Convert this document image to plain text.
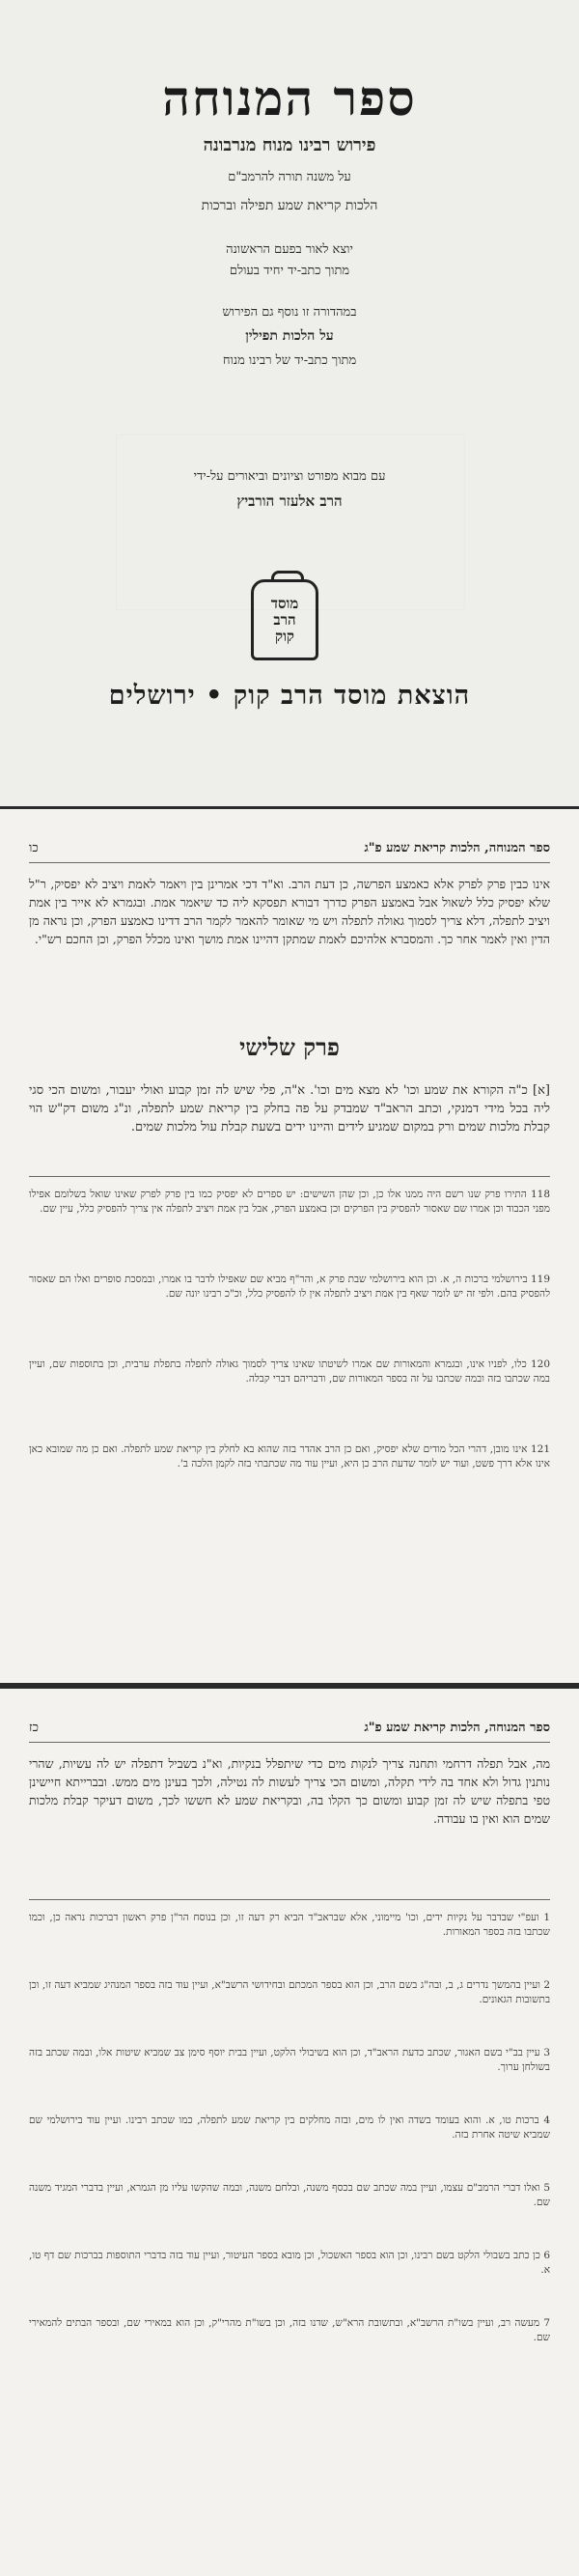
ספר המנוחה
פירוש רבינו מנוח מנרבונה
על משנה תורה להרמב"ם
הלכות קריאת שמע תפילה וברכות
יוצא לאור בפעם הראשונה
מתוך כתב-יד יחיד בעולם
במהדורה זו נוסף גם הפירוש
על הלכות תפילין
מתוך כתב-יד של רבינו מנוח
עם מבוא מפורט וציונים וביאורים על-ידי
הרב אלעזר הורביץ
מוסד
הרב
קוק
הוצאת מוסד הרב קוק • ירושלים
ספר המנוחה, הלכות קריאת שמע פ"ג
כו
אינו כבין פרק לפרק אלא כאמצע הפרשה, כן דעת הרב. וא"ד דכי אמרינן בין ויאמר לאמת ויציב לא יפסיק, ר"ל שלא יפסיק כלל לשאול אבל באמצע הפרק כדרך דבורא תפסקא ליה כד שיאמר אמת. ובגמרא לא אייר בין אמת ויציב לתפלה, דלא צריך לסמוך גאולה לתפלה ויש מי שאומר להאמר לקמר הרב דדינו כאמצע הפרק, וכן נראה מן הדין ואין לאמר אחר כך. והמסברא אלהיכם לאמת שמתקן דהיינו אמת מושך ואינו מכלל הפרק, וכן החכם רש"י.
פרק שלישי
[א] כ"ה הקורא את שמע וכו' לא מצא מים וכו'. א"ה, פלי שיש לה זמן קבוע ואולי יעבור, ומשום הכי סגי ליה בכל מידי דמנקי, וכתב הראב"ד שמבדק על פה בחלק בין קריאת שמע לתפלה, ונ"ג משום דק"ש הוי קבלת מלכות שמים ורק במקום שמגיע לידים והיינו ידים בשעת קבלת עול מלכות שמים.
118 התירו פרק שנו רשם היה ממנו אלו כן, וכן שהן השישים: יש ספרים לא יפסיק כמו בין פרק לפרק שאינו שואל בשלומם אפילו מפני הכבוד וכן אמרו שם שאסור להפסיק בין הפרקים וכן באמצע הפרק, אבל בין אמת ויציב לתפלה אין צריך להפסיק כלל, עיין שם.
119 בירושלמי ברכות ה, א. וכן הוא בירושלמי שבת פרק א, והר"ף מביא שם שאפילו לדבר בו אמרו, ובמסכת סופרים ואלו הם שאסור להפסיק בהם. ולפי זה יש לומר שאף בין אמת ויציב לתפלה אין לו להפסיק כלל, וכ"כ רבינו יונה שם.
120 כלו, לפניו אינו, ובגמרא והמאורות שם אמרו לשיטתו שאינו צריך לסמוך גאולה לתפלה בתפלת ערבית, וכן בתוספות שם, ועיין במה שכתבו בזה ובמה שכתבו על זה בספר המאורות שם, ודבריהם דברי קבלה.
121 אינו מובן, דהרי הכל מודים שלא יפסיק, ואם כן הרב אהדר בזה שהוא בא לחלק בין קריאת שמע לתפלה. ואם כן מה שמובא כאן אינו אלא דרך פשט, ועוד יש לומר שדעת הרב כן היא, ועיין עוד מה שכתבתי בזה לקמן הלכה ב'.
ספר המנוחה, הלכות קריאת שמע פ"ג
כז
מה, אבל תפלה דרחמי ותחנה צריך לנקות מים כדי שיתפלל בנקיות, וא"נ בשביל דתפלה יש לה עשיות, שהרי נותנין גדול ולא אחד בה לידי תקלה, ומשום הכי צריך לעשות לה נטילה, ולכך בעינן מים ממש. ובברייתא חיישינן טפי בתפלה שיש לה זמן קבוע ומשום כך הקלו בה, ובקריאת שמע לא חששו לכך, משום דעיקר קבלת מלכות שמים הוא ואין בו עבודה.
1 ועפ"י שבדבר על נקיות ידים, וכו' מיימוני, אלא שבראב"ד הביא רק דעה זו, וכן בנוסח הר"ן פרק ראשון דברכות נראה כן, וכמו שכתבו בזה בספר המאורות.
2 ועיין בהמשך נדרים ג, ב, ובה"ג בשם הרב, וכן הוא בספר המכתם ובחידושי הרשב"א, ועיין עוד בזה בספר המנהיג שמביא דעה זו, וכן בתשובות הגאונים.
3 עיין בב"י בשם האגור, שכתב כדעת הראב"ד, וכן הוא בשיבולי הלקט, ועיין בבית יוסף סימן צב שמביא שיטות אלו, ובמה שכתב בזה בשולחן ערוך.
4 ברכות טו, א. והוא בעומד בשדה ואין לו מים, ובזה מחלקים בין קריאת שמע לתפלה, כמו שכתב רבינו. ועיין עוד בירושלמי שם שמביא שיטה אחרת בזה.
5 ואלו דברי הרמב"ם עצמו, ועיין במה שכתב שם בכסף משנה, ובלחם משנה, ובמה שהקשו עליו מן הגמרא, ועיין בדברי המגיד משנה שם.
6 כן כתב בשבולי הלקט בשם רבינו, וכן הוא בספר האשכול, וכן מובא בספר העיטור, ועיין עוד בזה בדברי התוספות בברכות שם דף טו, א.
7 מעשה רב, ועיין בשו"ת הרשב"א, ובתשובת הרא"ש, שדנו בזה, וכן בשו"ת מהרי"ק, וכן הוא במאירי שם, ובספר הבתים להמאירי שם.
